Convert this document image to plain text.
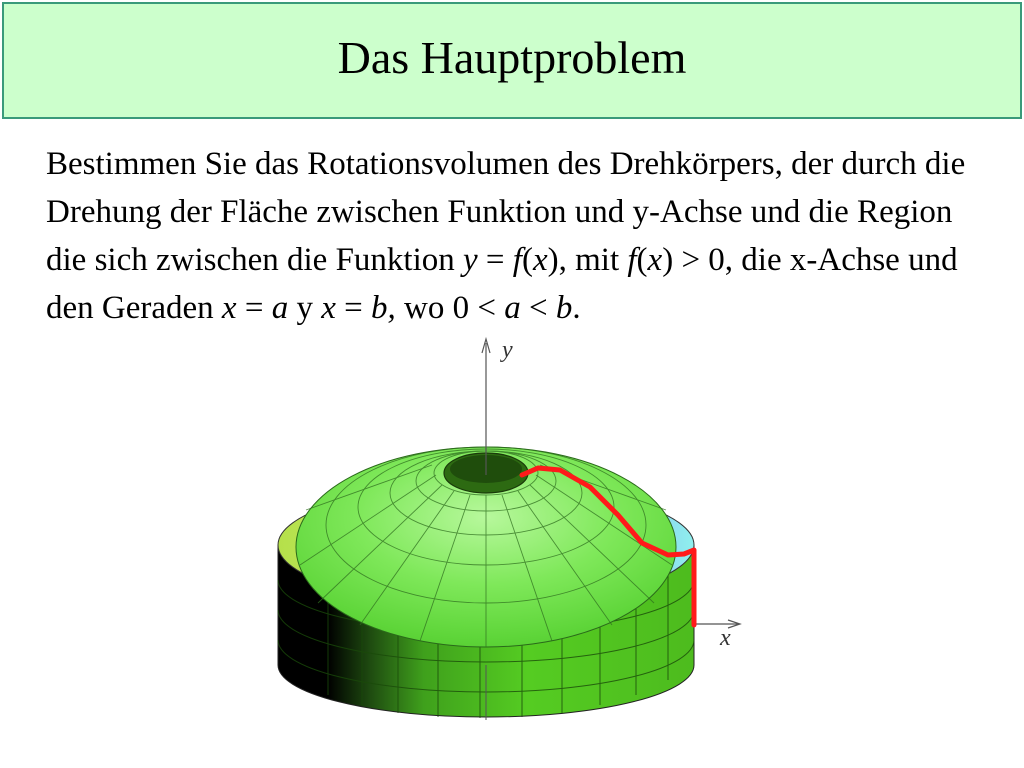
Das Hauptproblem
Bestimmen Sie das Rotationsvolumen des Drehkörpers, der durch die Drehung der Fläche zwischen Funktion und y-Achse und die Region die sich zwischen die Funktion y = f(x), mit f(x) > 0, die x-Achse und den Geraden x = a y x = b, wo 0 < a < b.
y
x
